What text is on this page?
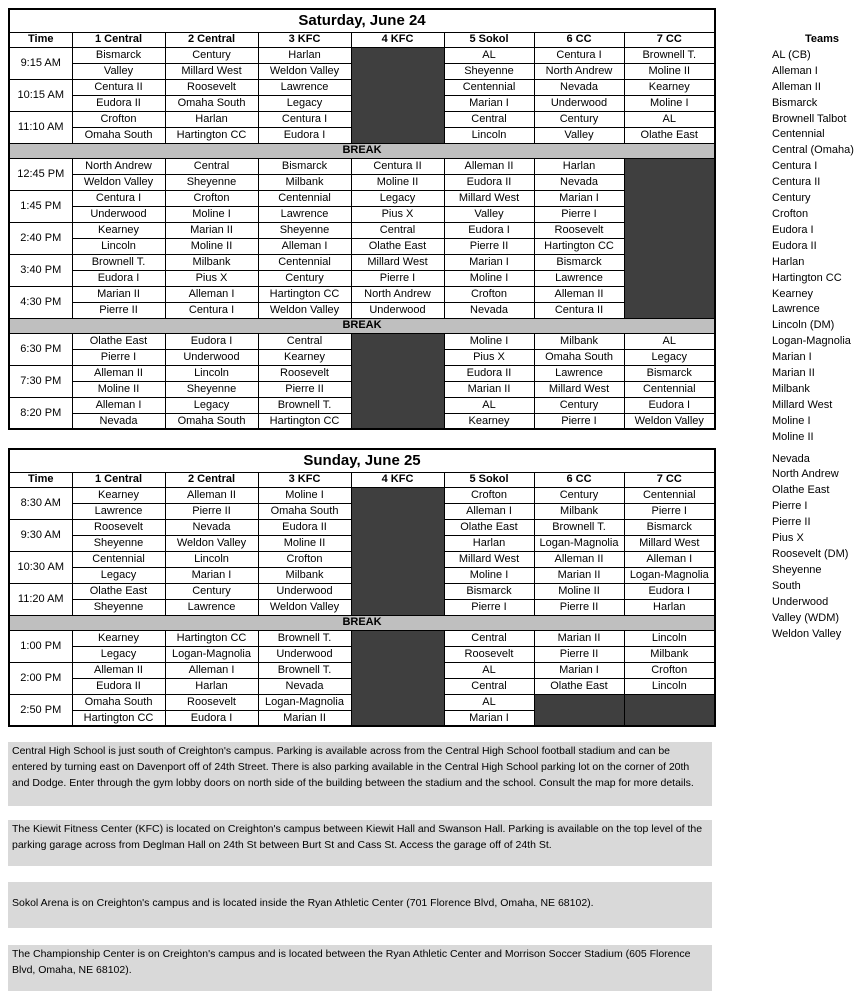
Saturday, June 24							
Time	1 Central	2 Central	3 KFC	4 KFC	5 Sokol	6 CC	7 CC
9:15 AM	Bismarck	Century	Harlan		AL	Centura I	Brownell T.
	Valley	Millard West	Weldon Valley		Sheyenne	North Andrew	Moline II
10:15 AM	Centura II	Roosevelt	Lawrence		Centennial	Nevada	Kearney
	Eudora II	Omaha South	Legacy		Marian I	Underwood	Moline I
11:10 AM	Crofton	Harlan	Centura I		Central	Century	AL
	Omaha South	Hartington CC	Eudora I		Lincoln	Valley	Olathe East
BREAK							
12:45 PM	North Andrew	Central	Bismarck	Centura II	Alleman II	Harlan	
	Weldon Valley	Sheyenne	Milbank	Moline II	Eudora II	Nevada	
1:45 PM	Centura I	Crofton	Centennial	Legacy	Millard West	Marian I	
	Underwood	Moline I	Lawrence	Pius X	Valley	Pierre I	
2:40 PM	Kearney	Marian II	Sheyenne	Central	Eudora I	Roosevelt	
	Lincoln	Moline II	Alleman I	Olathe East	Pierre II	Hartington CC	
3:40 PM	Brownell T.	Milbank	Centennial	Millard West	Marian I	Bismarck	
	Eudora I	Pius X	Century	Pierre I	Moline I	Lawrence	
4:30 PM	Marian II	Alleman I	Hartington CC	North Andrew	Crofton	Alleman II	
	Pierre II	Centura I	Weldon Valley	Underwood	Nevada	Centura II	
BREAK							
6:30 PM	Olathe East	Eudora I	Central		Moline I	Milbank	AL
	Pierre I	Underwood	Kearney		Pius X	Omaha South	Legacy
7:30 PM	Alleman II	Lincoln	Roosevelt		Eudora II	Lawrence	Bismarck
	Moline II	Sheyenne	Pierre II		Marian II	Millard West	Centennial
8:20 PM	Alleman I	Legacy	Brownell T.		AL	Century	Eudora I
	Nevada	Omaha South	Hartington CC		Kearney	Pierre I	Weldon Valley
Sunday, June 25							
Time	1 Central	2 Central	3 KFC	4 KFC	5 Sokol	6 CC	7 CC
8:30 AM	Kearney	Alleman II	Moline I		Crofton	Century	Centennial
	Lawrence	Pierre II	Omaha South		Alleman I	Milbank	Pierre I
9:30 AM	Roosevelt	Nevada	Eudora II		Olathe East	Brownell T.	Bismarck
	Sheyenne	Weldon Valley	Moline II		Harlan	Logan-Magnolia	Millard West
10:30 AM	Centennial	Lincoln	Crofton		Millard West	Alleman II	Alleman I
	Legacy	Marian I	Milbank		Moline I	Marian II	Logan-Magnolia
11:20 AM	Olathe East	Century	Underwood		Bismarck	Moline II	Eudora I
	Sheyenne	Lawrence	Weldon Valley		Pierre I	Pierre II	Harlan
BREAK							
1:00 PM	Kearney	Hartington CC	Brownell T.		Central	Marian II	Lincoln
	Legacy	Logan-Magnolia	Underwood		Roosevelt	Pierre II	Milbank
2:00 PM	Alleman II	Alleman I	Brownell T.		AL	Marian I	Crofton
	Eudora II	Harlan	Nevada		Central	Olathe East	Lincoln
2:50 PM	Omaha South	Roosevelt	Logan-Magnolia		AL		
	Hartington CC	Eudora I	Marian II		Marian I		
Teams
AL (CB)
Alleman I
Alleman II
Bismarck
Brownell Talbot
Centennial
Central (Omaha)
Centura I
Centura II
Century
Crofton
Eudora I
Eudora II
Harlan
Hartington CC
Kearney
Lawrence
Lincoln (DM)
Logan-Magnolia
Marian I
Marian II
Milbank
Millard West
Moline I
Moline II
Nevada
North Andrew
Olathe East
Pierre I
Pierre II
Pius X
Roosevelt (DM)
Sheyenne
South
Underwood
Valley (WDM)
Weldon Valley
Central High School is just south of Creighton's campus. Parking is available across from the Central High School football stadium and can be entered by turning east on Davenport off of 24th Street. There is also parking available in the Central High School parking lot on the corner of 20th and Dodge. Enter through the gym lobby doors on north side of the building between the stadium and the school. Consult the map for more details.
The Kiewit Fitness Center (KFC) is located on Creighton's campus between Kiewit Hall and Swanson Hall. Parking is available on the top level of the parking garage across from Deglman Hall on 24th St between Burt St and Cass St. Access the garage off of 24th St.
Sokol Arena is on Creighton's campus and is located inside the Ryan Athletic Center (701 Florence Blvd, Omaha, NE 68102).
The Championship Center is on Creighton's campus and is located between the Ryan Athletic Center and Morrison Soccer Stadium (605 Florence Blvd, Omaha, NE 68102).
